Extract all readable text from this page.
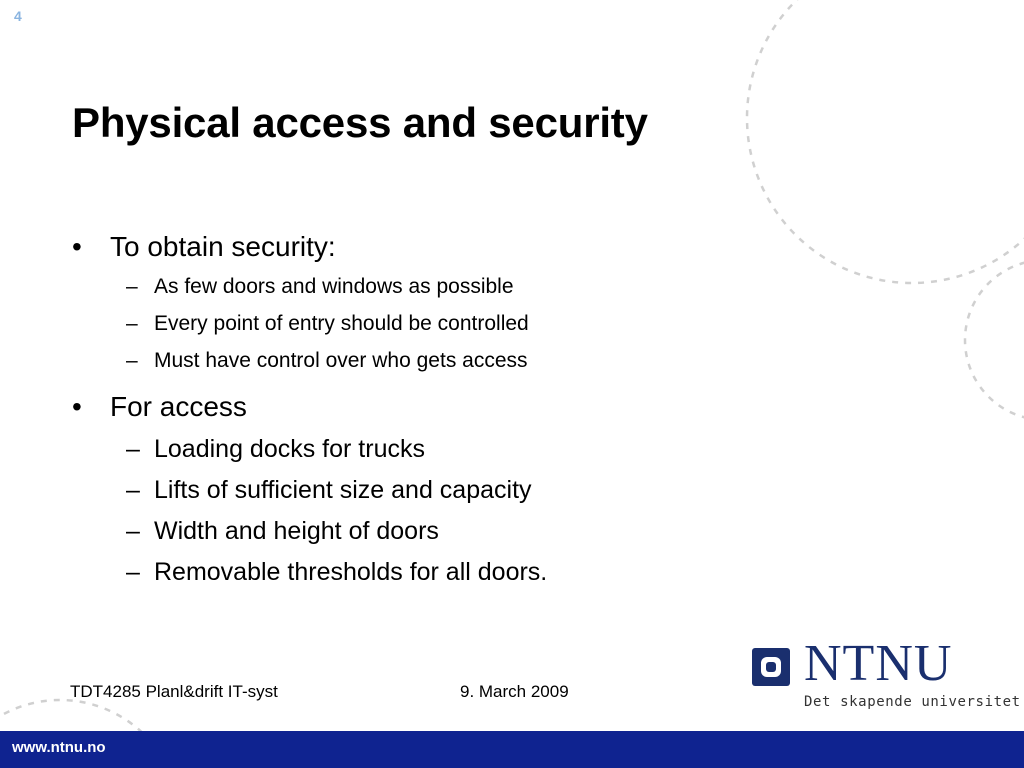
4
Physical access and security
• To obtain security:
– As few doors and windows as possible
– Every point of entry should be controlled
– Must have control over who gets access
• For access
– Loading docks for trucks
– Lifts of sufficient size and capacity
– Width and height of doors
– Removable thresholds for all doors.
TDT4285 Planl&drift IT-syst	9. March 2009	NTNU
Det skapende universitet
www.ntnu.no
